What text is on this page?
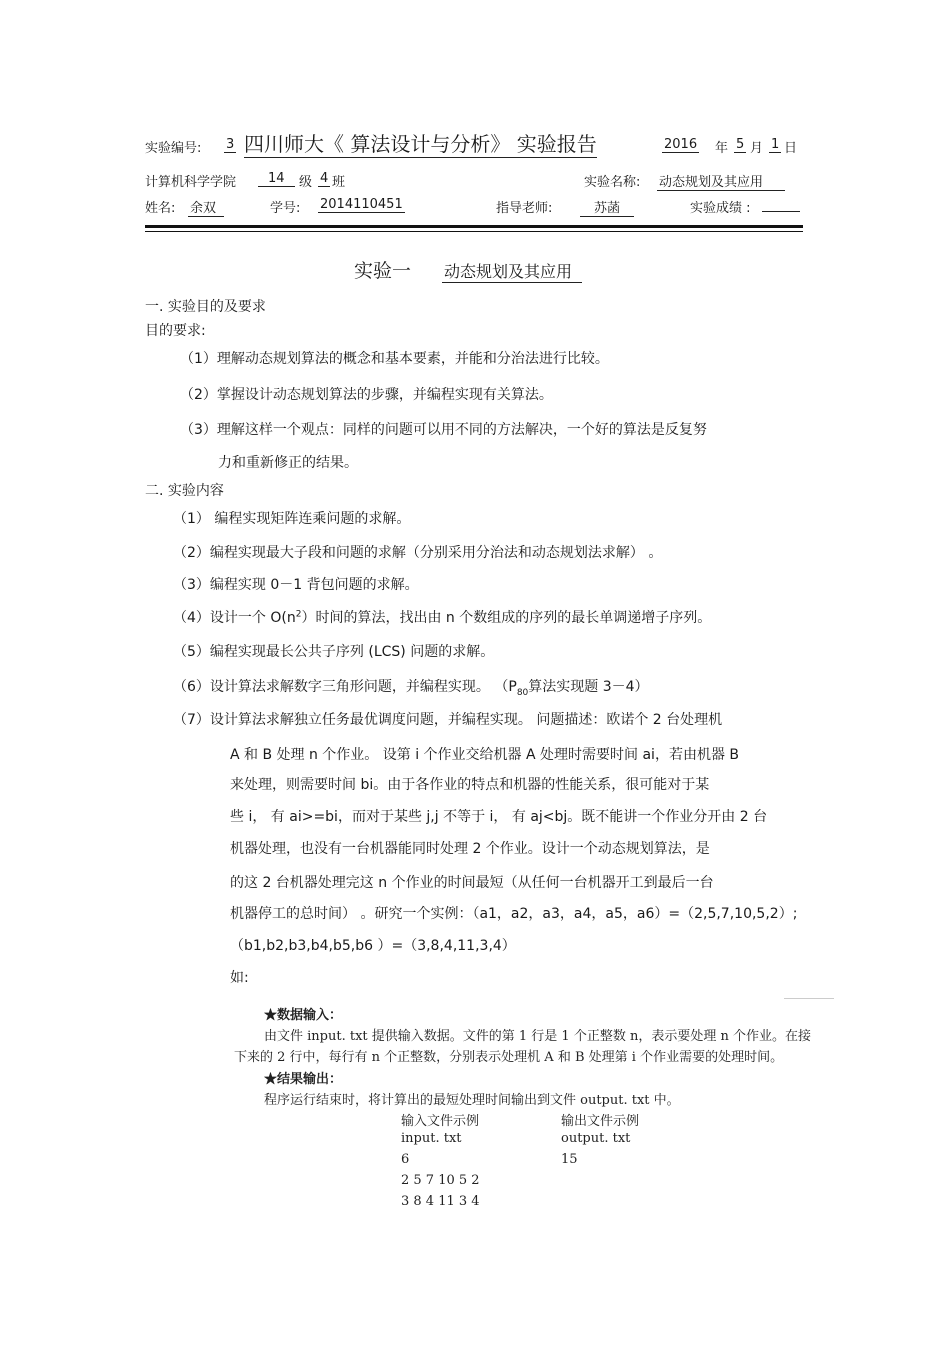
实验编号: 3 四川师大《 算法设计与分析》 实验报告	2016 年 5 月 1 日
计算机科学学院	14	级 4 班	实验名称: 动态规划及其应用
姓名: 余双	学号: 2014110451	指导老师:	苏菡	实验成绩 :
实验一 动态规划及其应用
一. 实验目的及要求
目的要求:
（1）理解动态规划算法的概念和基本要素，并能和分治法进行比较。
（2）掌握设计动态规划算法的步骤，并编程实现有关算法。
（3）理解这样一个观点：同样的问题可以用不同的方法解决，一个好的算法是反复努
力和重新修正的结果。
二. 实验内容
（1） 编程实现矩阵连乘问题的求解。
（2）编程实现最大子段和问题的求解（分别采用分治法和动态规划法求解） 。
（3）编程实现 0－1 背包问题的求解。
（4）设计一个 $O(n^2)$时间的算法，找出由 n 个数组成的序列的最长单调递增子序列。
（5）编程实现最长公共子序列 (LCS) 问题的求解。
（6）设计算法求解数字三角形问题，并编程实现。 （$P_{80}$算法实现题 3－4）
（7）设计算法求解独立任务最优调度问题，并编程实现。 问题描述：欧诺个 2 台处理机
A 和 B 处理 n 个作业。 设第 i 个作业交给机器 A 处理时需要时间 ai，若由机器 B
来处理，则需要时间 bi。由于各作业的特点和机器的性能关系，很可能对于某
些 i， 有 ai>=bi，而对于某些 j,j 不等于 i， 有 aj<bj。既不能讲一个作业分开由 2 台
机器处理，也没有一台机器能同时处理 2 个作业。设计一个动态规划算法，是
的这 2 台机器处理完这 n 个作业的时间最短（从任何一台机器开工到最后一台
机器停工的总时间） 。研究一个实例：（a1，a2，a3，a4，a5，a6）=（2,5,7,10,5,2）;
（b1,b2,b3,b4,b5,b6 ）=（3,8,4,11,3,4）
如:
★数据输入：
由文件 input. txt 提供输入数据。文件的第 1 行是 1 个正整数 n，表示要处理 n 个作业。在接
下来的 2 行中，每行有 n 个正整数，分别表示处理机 A 和 B 处理第 i 个作业需要的处理时间。
★结果输出：
程序运行结束时，将计算出的最短处理时间输出到文件 output. txt 中。
输入文件示例	输出文件示例
input. txt	output. txt
6	15
2 5 7 10 5 2
3 8 4 11 3 4
